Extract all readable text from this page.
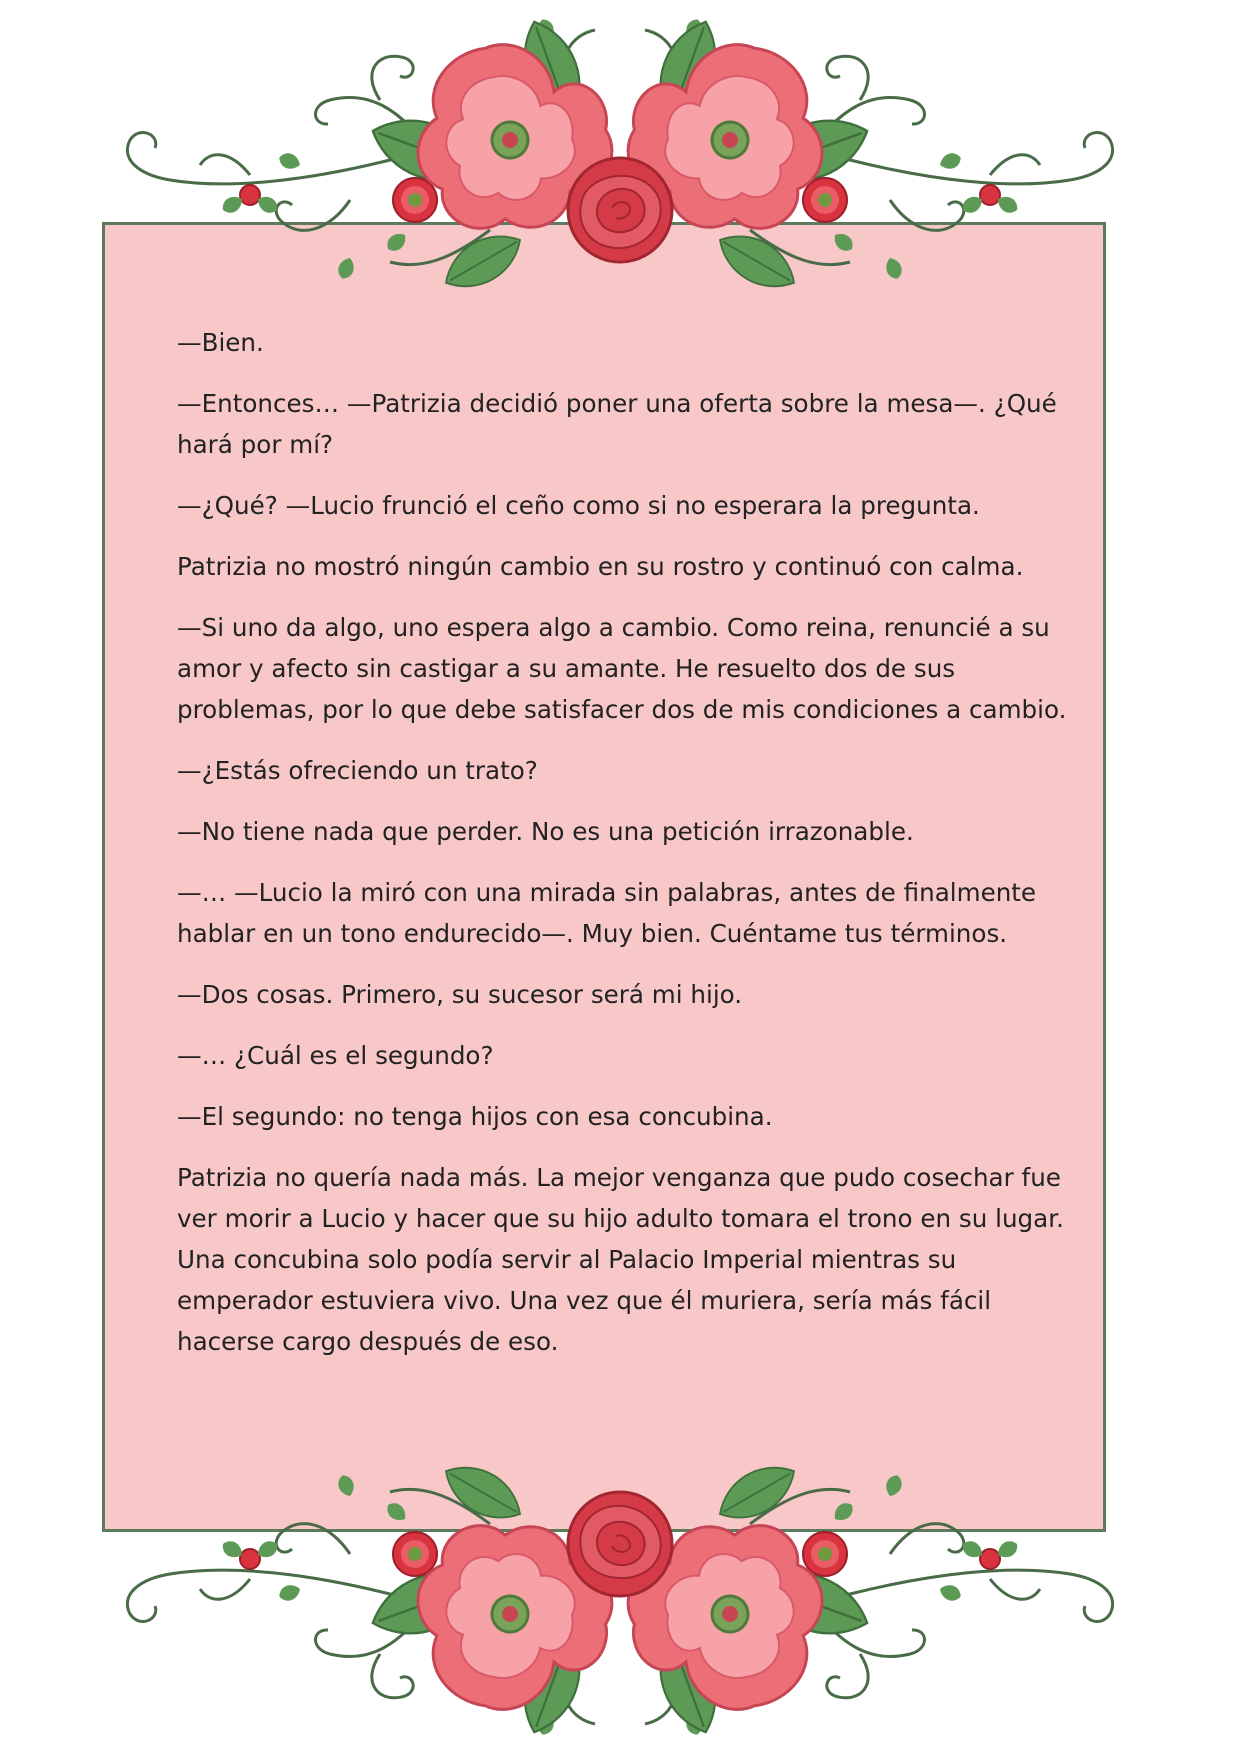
—Bien.

—Entonces… —Patrizia decidió poner una oferta sobre la mesa—. ¿Qué hará por mí?

—¿Qué? —Lucio frunció el ceño como si no esperara la pregunta.

Patrizia no mostró ningún cambio en su rostro y continuó con calma.

—Si uno da algo, uno espera algo a cambio. Como reina, renuncié a su amor y afecto sin castigar a su amante. He resuelto dos de sus problemas, por lo que debe satisfacer dos de mis condiciones a cambio.

—¿Estás ofreciendo un trato?

—No tiene nada que perder. No es una petición irrazonable.

—… —Lucio la miró con una mirada sin palabras, antes de finalmente hablar en un tono endurecido—. Muy bien. Cuéntame tus términos.

—Dos cosas. Primero, su sucesor será mi hijo.

—… ¿Cuál es el segundo?

—El segundo: no tenga hijos con esa concubina.

Patrizia no quería nada más. La mejor venganza que pudo cosechar fue ver morir a Lucio y hacer que su hijo adulto tomara el trono en su lugar. Una concubina solo podía servir al Palacio Imperial mientras su emperador estuviera vivo. Una vez que él muriera, sería más fácil hacerse cargo después de eso.
